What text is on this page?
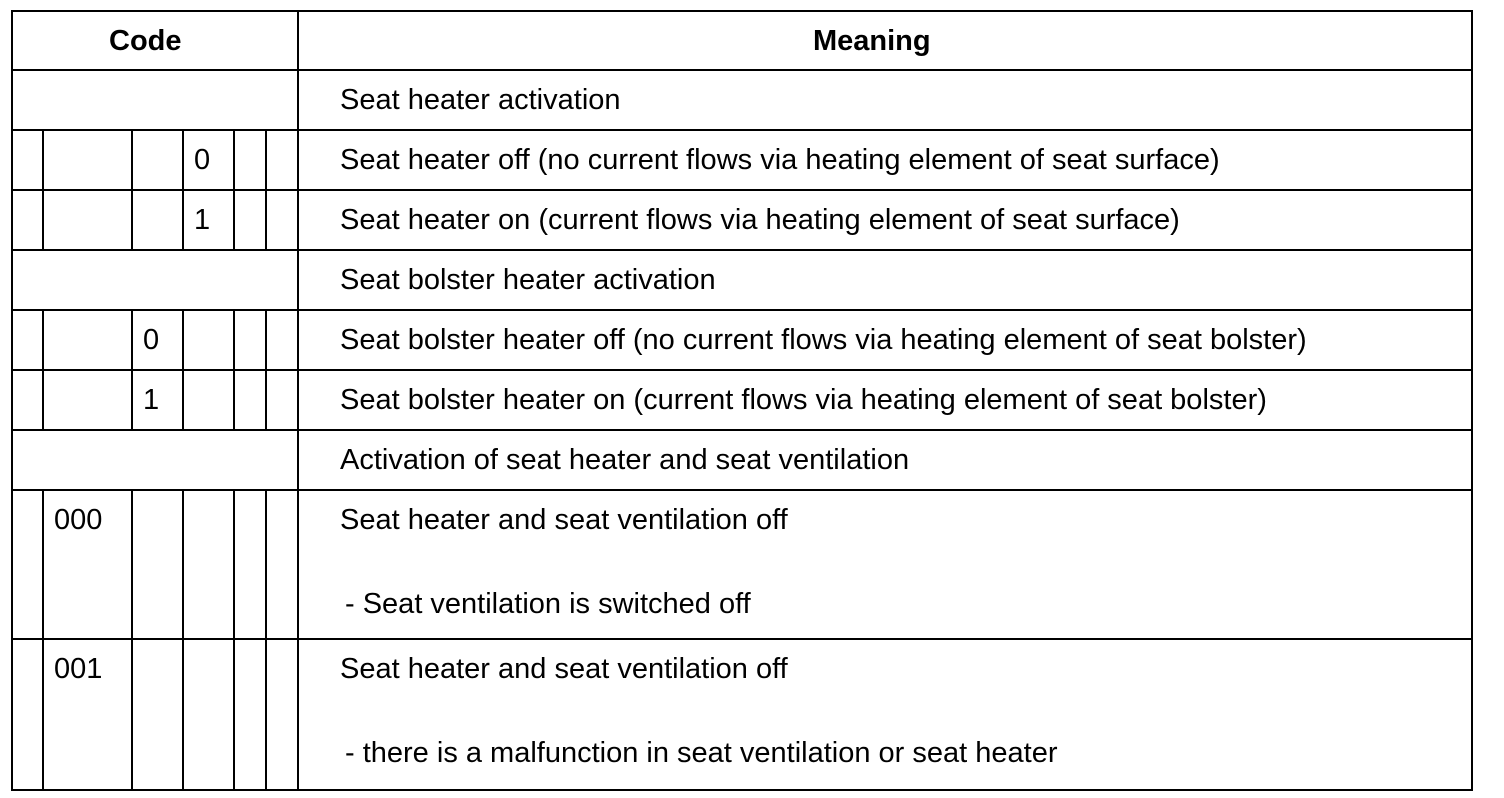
Code	Meaning
Seat heater activation
0	Seat heater off (no current flows via heating element of seat surface)
1	Seat heater on (current flows via heating element of seat surface)
Seat bolster heater activation
0	Seat bolster heater off (no current flows via heating element of seat bolster)
1	Seat bolster heater on (current flows via heating element of seat bolster)
Activation of seat heater and seat ventilation
000	Seat heater and seat ventilation off
- Seat ventilation is switched off
001	Seat heater and seat ventilation off
- there is a malfunction in seat ventilation or seat heater
